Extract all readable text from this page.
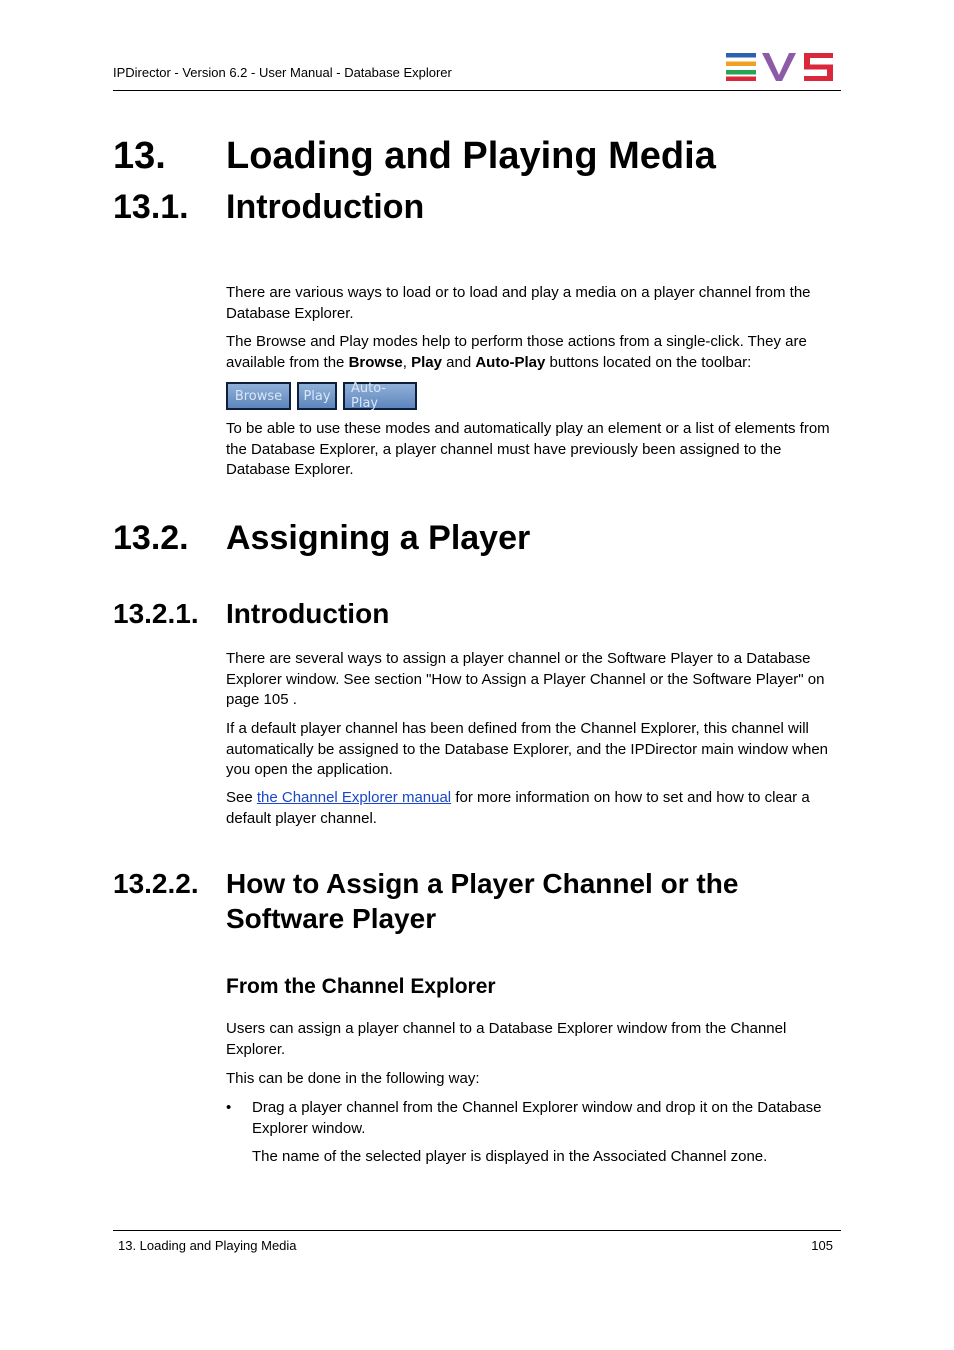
IPDirector - Version 6.2 - User Manual - Database Explorer
13. Loading and Playing Media
13.1. Introduction
There are various ways to load or to load and play a media on a player channel from the Database Explorer.
The Browse and Play modes help to perform those actions from a single-click. They are available from the Browse, Play and Auto-Play buttons located on the toolbar:
Browse	Play	Auto-Play
To be able to use these modes and automatically play an element or a list of elements from the Database Explorer, a player channel must have previously been assigned to the Database Explorer.
13.2. Assigning a Player
13.2.1. Introduction
There are several ways to assign a player channel or the Software Player to a Database Explorer window. See section "How to Assign a Player Channel or the Software Player" on page 105 .
If a default player channel has been defined from the Channel Explorer, this channel will automatically be assigned to the Database Explorer, and the IPDirector main window when you open the application.
See the Channel Explorer manual for more information on how to set and how to clear a default player channel.
13.2.2. How to Assign a Player Channel or the
Software Player
From the Channel Explorer
Users can assign a player channel to a Database Explorer window from the Channel Explorer.
This can be done in the following way:
• Drag a player channel from the Channel Explorer window and drop it on the Database Explorer window.
The name of the selected player is displayed in the Associated Channel zone.
13. Loading and Playing Media	105
